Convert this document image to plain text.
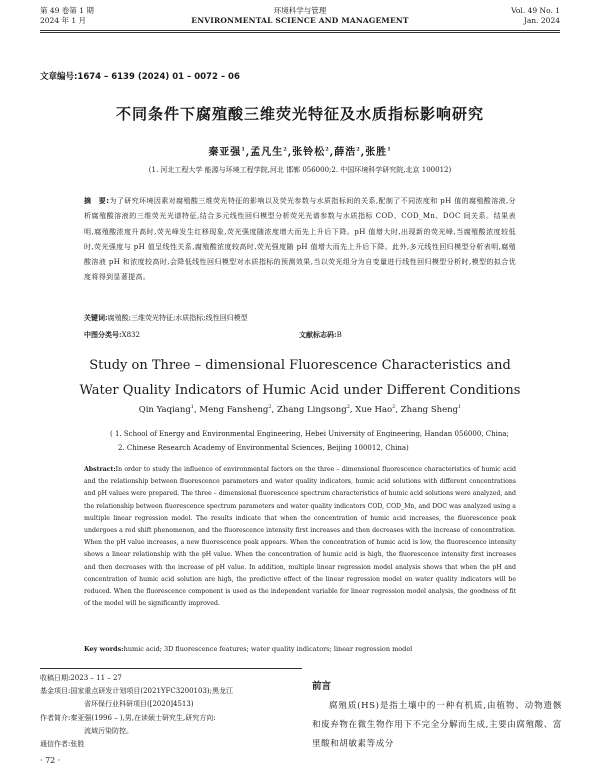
第 49 卷第 1 期
2024 年 1 月
环境科学与管理
ENVIRONMENTAL SCIENCE AND MANAGEMENT
Vol. 49 No. 1
Jan. 2024
文章编号:1674 – 6139 (2024) 01 – 0072 – 06
不同条件下腐殖酸三维荧光特征及水质指标影响研究
秦亚强$^1$,孟凡生$^2$,张铃松$^2$,薛浩$^2$,张胜$^1$
(1. 河北工程大学 能源与环境工程学院,河北 邯郸 056000;2. 中国环境科学研究院,北京 100012)
摘　要:为了研究环境因素对腐殖酸三维荧光特征的影响以及荧光参数与水质指标间的关系,配制了不同浓度和 pH 值的腐殖酸溶液,分析腐殖酸溶液的三维荧光光谱特征,结合多元线性回归模型分析荧光光谱参数与水质指标 COD、COD_Mn、DOC 间关系。结果表明,腐殖酸浓度升高时,荧光峰发生红移现象,荧光强度随浓度增大而先上升后下降。pH 值增大时,出现新的荧光峰,当腐殖酸浓度较低时,荧光强度与 pH 值呈线性关系,腐殖酸浓度较高时,荧光强度随 pH 值增大而先上升后下降。此外,多元线性回归模型分析表明,腐殖酸溶液 pH 和浓度较高时,会降低线性回归模型对水质指标的预测效果,当以荧光组分为自变量进行线性回归模型分析时,模型的拟合优度将得到显著提高。
关键词:腐殖酸;三维荧光特征;水质指标;线性回归模型
中图分类号:X832	文献标志码:B
Study on Three – dimensional Fluorescence Characteristics and
Water Quality Indicators of Humic Acid under Different Conditions
Qin Yaqiang$^1$, Meng Fansheng$^2$, Zhang Lingsong$^2$, Xue Hao$^2$, Zhang Sheng$^1$
( 1. School of Energy and Environmental Engineering, Hebei University of Engineering, Handan 056000, China;
2. Chinese Research Academy of Environmental Sciences, Beijing 100012, China)
Abstract:In order to study the influence of environmental factors on the three – dimensional fluorescence characteristics of humic acid and the relationship between fluorescence parameters and water quality indicators, humic acid solutions with different concentrations and pH values were prepared. The three – dimensional fluorescence spectrum characteristics of humic acid solutions were analyzed, and the relationship between fluorescence spectrum parameters and water quality indicators COD, COD_Mn, and DOC was analyzed using a multiple linear regression model. The results indicate that when the concentration of humic acid increases, the fluorescence peak undergoes a red shift phenomenon, and the fluorescence intensity first increases and then decreases with the increase of concentration. When the pH value increases, a new fluorescence peak appears. When the concentration of humic acid is low, the fluorescence intensity shows a linear relationship with the pH value. When the concentration of humic acid is high, the fluorescence intensity first increases and then decreases with the increase of pH value. In addition, multiple linear regression model analysis shows that when the pH and concentration of humic acid solution are high, the predictive effect of the linear regression model on water quality indicators will be reduced. When the fluorescence component is used as the independent variable for linear regression model analysis, the goodness of fit of the model will be significantly improved.
Key words:humic acid; 3D fluorescence features; water quality indicators; linear regression model

收稿日期:2023 – 11 – 27

基金项目:国家重点研发计划项目(2021YFC3200103);黑龙江

省环保行业科研项目([2020]4513)

作者简介:秦亚强(1996 – ),男,在读硕士研究生,研究方向:

流域污染防控。

通信作者:张胜

· 72 ·
前言
腐殖质(HS)是指土壤中的一种有机质,由植物、动物遗骸和废弃物在微生物作用下不完全分解而生成,主要由腐殖酸、富里酸和胡敏素等成分
